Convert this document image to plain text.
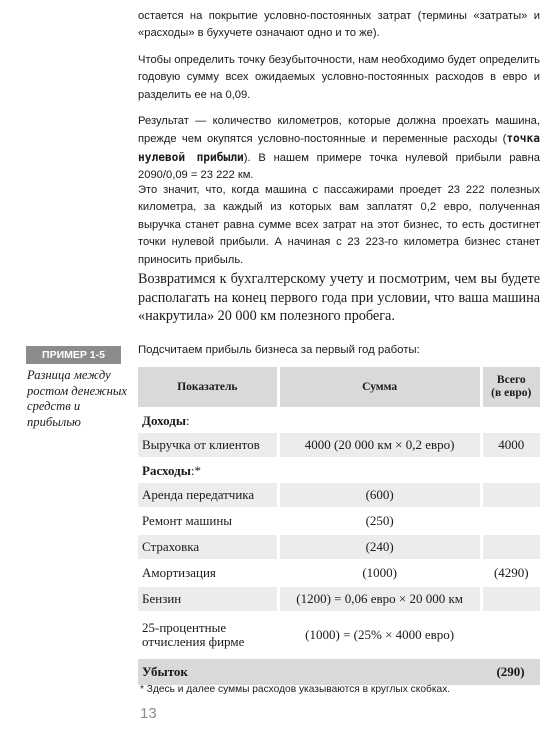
остается на покрытие условно-постоянных затрат (термины «затраты» и «расходы» в бухучете означают одно и то же).

Чтобы определить точку безубыточности, нам необходимо будет определить годовую сумму всех ожидаемых условно-постоянных расходов в евро и разделить ее на 0,09.

Результат — количество километров, которые должна проехать машина, прежде чем окупятся условно-постоянные и переменные расходы (точка нулевой прибыли). В нашем примере точка нулевой прибыли равна 2090/0,09 = 23 222 км.

Это значит, что, когда машина с пассажирами проедет 23 222 полезных километра, за каждый из которых вам заплатят 0,2 евро, полученная выручка станет равна сумме всех затрат на этот бизнес, то есть достигнет точки нулевой прибыли. А начиная с 23 223-го километра бизнес станет приносить прибыль.

Возвратимся к бухгалтерскому учету и посмотрим, чем вы будете располагать на конец первого года при условии, что ваша машина «накрутила» 20 000 км полезного пробега.

ПРИМЕР 1-5

Разница между ростом денежных средств и прибылью

Подсчитаем прибыль бизнеса за первый год работы:

Показатель	Сумма	Всего
(в евро)
Доходы:		
Выручка от клиентов	4000 (20 000 км × 0,2 евро)	4000
Расходы:*		
Аренда передатчика	(600)	
Ремонт машины	(250)	
Страховка	(240)	
Амортизация	(1000)	(4290)
Бензин	(1200) = 0,06 евро × 20 000 км	
25-процентные
отчисления фирме	(1000) = (25% × 4000 евро)	
Убыток		(290)

* Здесь и далее суммы расходов указываются в круглых скобках.

13
